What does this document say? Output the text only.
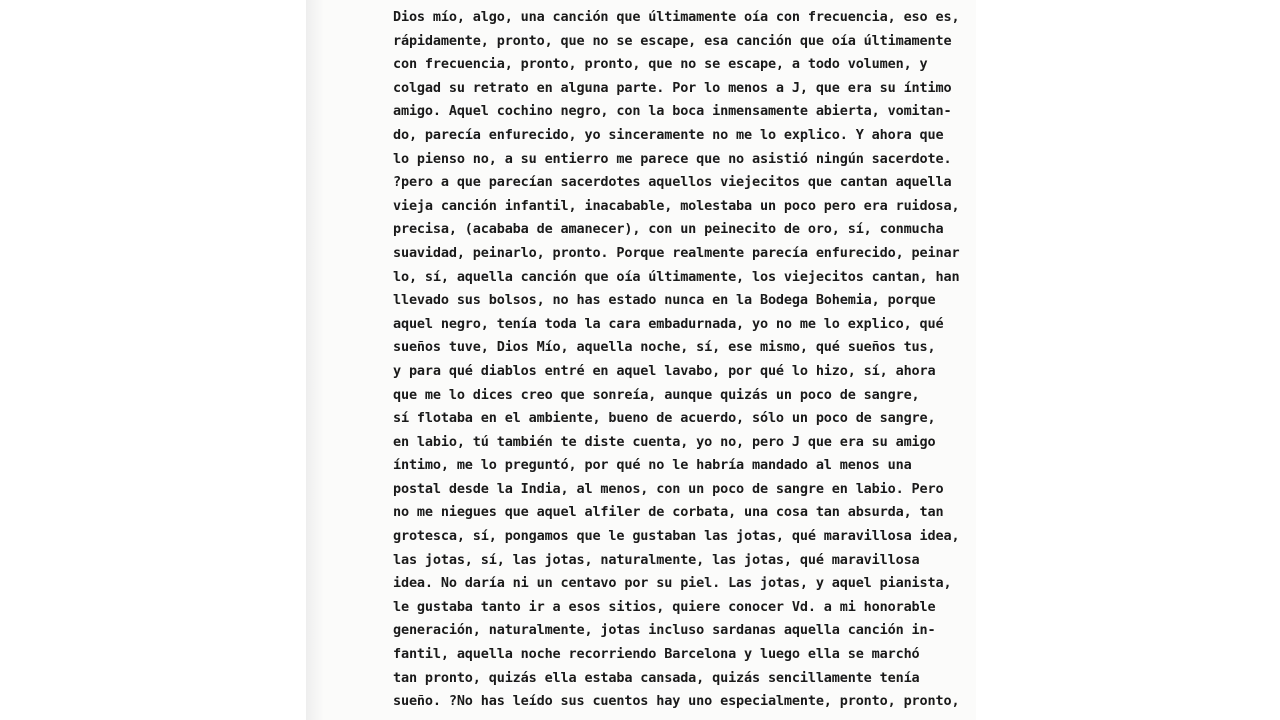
Dios mío, algo, una canción que últimamente oía con frecuencia, eso es,
rápidamente, pronto, que no se escape, esa canción que oía últimamente
con frecuencia, pronto, pronto, que no se escape, a todo volumen, y
colgad su retrato en alguna parte. Por lo menos a J, que era su íntimo
amigo. Aquel cochino negro, con la boca inmensamente abierta, vomitan-
do, parecía enfurecido, yo sinceramente no me lo explico. Y ahora que
lo pienso no, a su entierro me parece que no asistió ningún sacerdote.
?pero a que parecían sacerdotes aquellos viejecitos que cantan aquella
vieja canción infantil, inacabable, molestaba un poco pero era ruidosa,
precisa, (acababa de amanecer), con un peinecito de oro, sí, conmucha
suavidad, peinarlo, pronto. Porque realmente parecía enfurecido, peinar
lo, sí, aquella canción que oía últimamente, los viejecitos cantan, han
llevado sus bolsos, no has estado nunca en la Bodega Bohemia, porque
aquel negro, tenía toda la cara embadurnada, yo no me lo explico, qué
sueños tuve, Dios Mío, aquella noche, sí, ese mismo, qué sueños tus,
y para qué diablos entré en aquel lavabo, por qué lo hizo, sí, ahora
que me lo dices creo que sonreía, aunque quizás un poco de sangre,
sí flotaba en el ambiente, bueno de acuerdo, sólo un poco de sangre,
en labio, tú también te diste cuenta, yo no, pero J que era su amigo
íntimo, me lo preguntó, por qué no le habría mandado al menos una
postal desde la India, al menos, con un poco de sangre en labio. Pero
no me niegues que aquel alfiler de corbata, una cosa tan absurda, tan
grotesca, sí, pongamos que le gustaban las jotas, qué maravillosa idea,
las jotas, sí, las jotas, naturalmente, las jotas, qué maravillosa
idea. No daría ni un centavo por su piel. Las jotas, y aquel pianista,
le gustaba tanto ir a esos sitios, quiere conocer Vd. a mi honorable
generación, naturalmente, jotas incluso sardanas aquella canción in-
fantil, aquella noche recorriendo Barcelona y luego ella se marchó
tan pronto, quizás ella estaba cansada, quizás sencillamente tenía
sueño. ?No has leído sus cuentos hay uno especialmente, pronto, pronto,
